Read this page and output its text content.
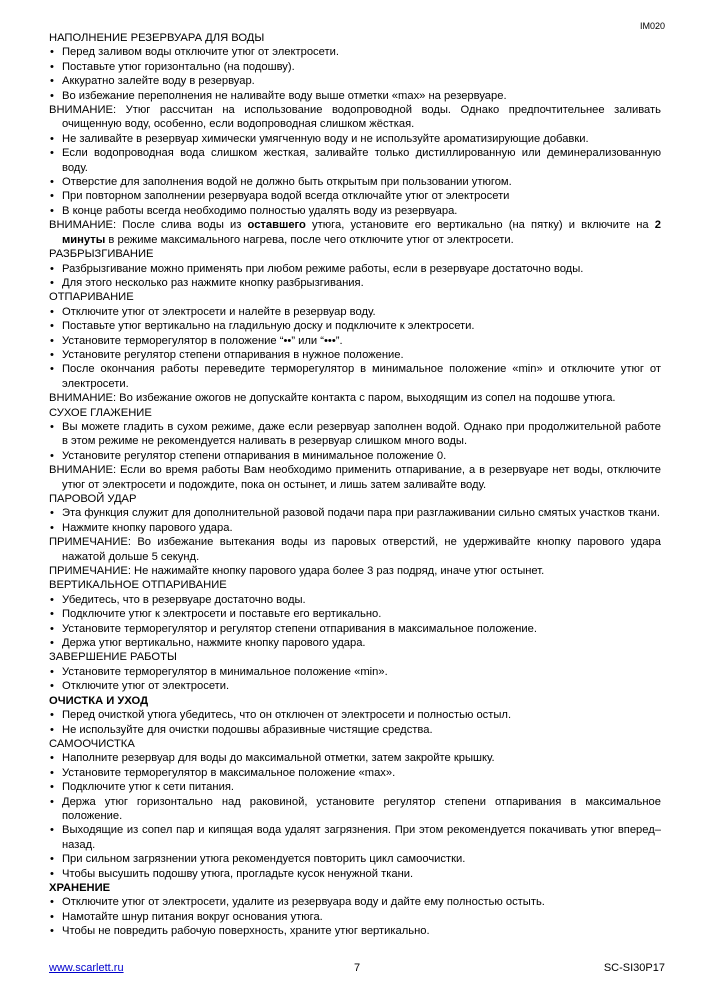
IM020
НАПОЛНЕНИЕ РЕЗЕРВУАРА ДЛЯ ВОДЫ
• Перед заливом воды отключите утюг от электросети.
• Поставьте утюг горизонтально (на подошву).
• Аккуратно залейте воду в резервуар.
• Во избежание переполнения не наливайте воду выше отметки «max» на резервуаре.
ВНИМАНИЕ: Утюг рассчитан на использование водопроводной воды. Однако предпочтительнее заливать очищенную воду, особенно, если водопроводная слишком жёсткая.
• Не заливайте в резервуар химически умягченную воду и не используйте ароматизирующие добавки.
• Если водопроводная вода слишком жесткая, заливайте только дистиллированную или деминерализованную воду.
• Отверстие для заполнения водой не должно быть открытым при пользовании утюгом.
• При повторном заполнении резервуара водой всегда отключайте утюг от электросети
• В конце работы всегда необходимо полностью удалять воду из резервуара.
ВНИМАНИЕ: После слива воды из оставшего утюга, установите его вертикально (на пятку) и включите на 2 минуты в режиме максимального нагрева, после чего отключите утюг от электросети.
РАЗБРЫЗГИВАНИЕ
• Разбрызгивание можно применять при любом режиме работы, если в резервуаре достаточно воды.
• Для этого несколько раз нажмите кнопку разбрызгивания.
ОТПАРИВАНИЕ
• Отключите утюг от электросети и налейте в резервуар воду.
• Поставьте утюг вертикально на гладильную доску и подключите к электросети.
• Установите терморегулятор в положение “••” или “•••”.
• Установите регулятор степени отпаривания в нужное положение.
• После окончания работы переведите терморегулятор в минимальное положение «min» и отключите утюг от электросети.
ВНИМАНИЕ: Во избежание ожогов не допускайте контакта с паром, выходящим из сопел на подошве утюга.
СУХОЕ ГЛАЖЕНИЕ
• Вы можете гладить в сухом режиме, даже если резервуар заполнен водой. Однако при продолжительной работе в этом режиме не рекомендуется наливать в резервуар слишком много воды.
• Установите регулятор степени отпаривания в минимальное положение 0.
ВНИМАНИЕ: Если во время работы Вам необходимо применить отпаривание, а в резервуаре нет воды, отключите утюг от электросети и подождите, пока он остынет, и лишь затем заливайте воду.
ПАРОВОЙ УДАР
• Эта функция служит для дополнительной разовой подачи пара при разглаживании сильно смятых участков ткани.
• Нажмите кнопку парового удара.
ПРИМЕЧАНИЕ: Во избежание вытекания воды из паровых отверстий, не удерживайте кнопку парового удара нажатой дольше 5 секунд.
ПРИМЕЧАНИЕ: Не нажимайте кнопку парового удара более 3 раз подряд, иначе утюг остынет.
ВЕРТИКАЛЬНОЕ ОТПАРИВАНИЕ
• Убедитесь, что в резервуаре достаточно воды.
• Подключите утюг к электросети и поставьте его вертикально.
• Установите терморегулятор и регулятор степени отпаривания в максимальное положение.
• Держа утюг вертикально, нажмите кнопку парового удара.
ЗАВЕРШЕНИЕ РАБОТЫ
• Установите терморегулятор в минимальное положение «min».
• Отключите утюг от электросети.
ОЧИСТКА И УХОД
• Перед очисткой утюга убедитесь, что он отключен от электросети и полностью остыл.
• Не используйте для очистки подошвы абразивные чистящие средства.
САМООЧИСТКА
• Наполните резервуар для воды до максимальной отметки, затем закройте крышку.
• Установите терморегулятор в максимальное положение «max».
• Подключите утюг к сети питания.
• Держа утюг горизонтально над раковиной, установите регулятор степени отпаривания в максимальное положение.
• Выходящие из сопел пар и кипящая вода удалят загрязнения. При этом рекомендуется покачивать утюг вперед–назад.
• При сильном загрязнении утюга рекомендуется повторить цикл самоочистки.
• Чтобы высушить подошву утюга, прогладьте кусок ненужной ткани.
ХРАНЕНИЕ
• Отключите утюг от электросети, удалите из резервуара воду и дайте ему полностью остыть.
• Намотайте шнур питания вокруг основания утюга.
• Чтобы не повредить рабочую поверхность, храните утюг вертикально.
www.scarlett.ru	7	SC-SI30P17
